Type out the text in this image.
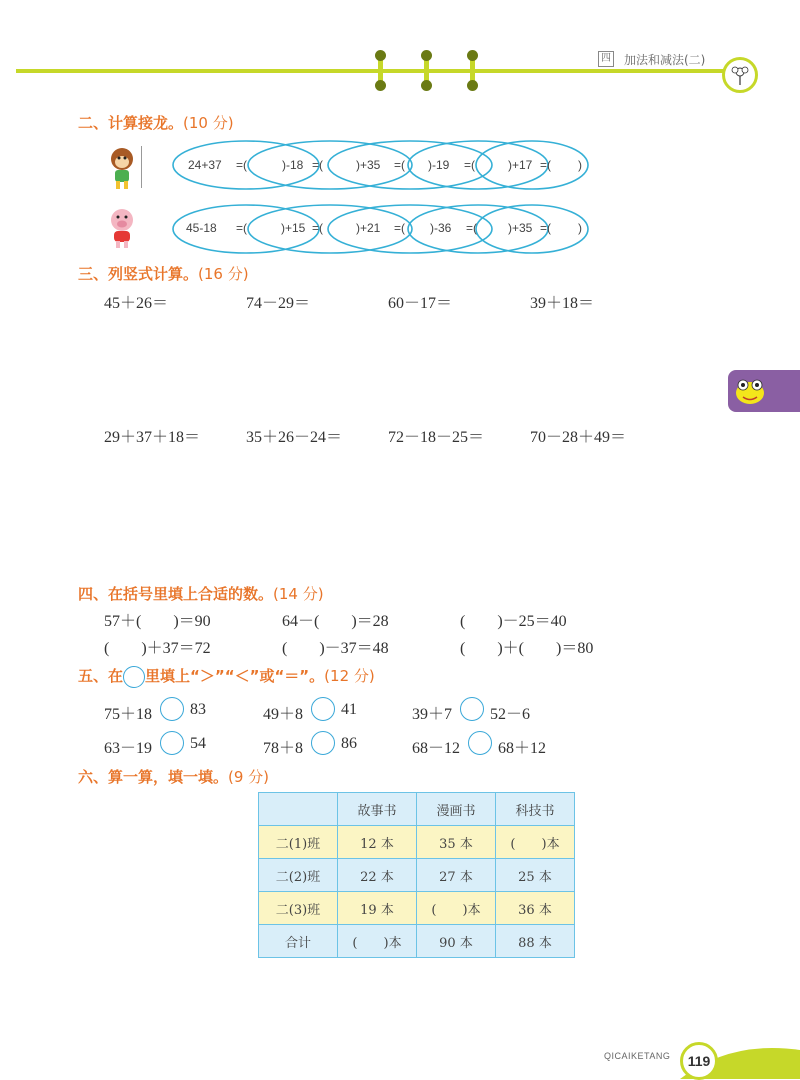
四 加法和减法(二)
二、计算接龙。(10 分)
24+37 =(	)-18 =(	)+35 =( )-19 =(	)+17 =( )
45-18 =(	)+15 =(	)+21 =( )-36 =(	)+35 =( )
三、列竖式计算。(16 分)
45＋26＝	74－29＝	60－17＝	39＋18＝
29＋37＋18＝	35＋26－24＝	72－18－25＝	70－28＋49＝
四、在括号里填上合适的数。(14 分)
57＋(　　)＝90	64－(　　)＝28	(　　)－25＝40
(　　)＋37＝72	(　　)－37＝48	(　　)＋(　　)＝80
五、在 里填上“＞”“＜”或“＝”。(12 分)
75＋18 83	49＋8 41	39＋7 52－6
63－19 54	78＋8 86	68－12 68＋12
六、算一算，填一填。(9 分)
	故事书	漫画书	科技书
二(1)班	12 本	35 本	(　　)本
二(2)班	22 本	27 本	25 本
二(3)班	19 本	(　　)本	36 本
合计	(　　)本	90 本	88 本
QICAIKETANG	119
